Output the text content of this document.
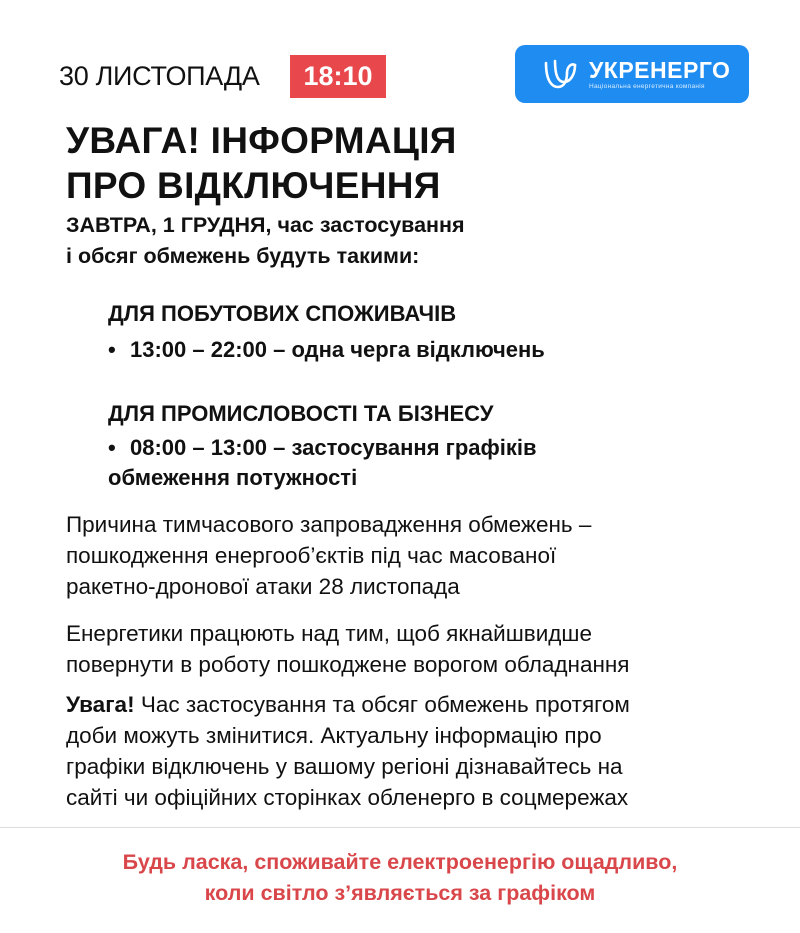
30 ЛИСТОПАДА	18:10	УКРЕНЕРГО
Національна енергетична компанія
УВАГА! ІНФОРМАЦІЯ
ПРО ВІДКЛЮЧЕННЯ
ЗАВТРА, 1 ГРУДНЯ, час застосування
і обсяг обмежень будуть такими:
ДЛЯ ПОБУТОВИХ СПОЖИВАЧІВ
• 13:00 – 22:00 – одна черга відключень
ДЛЯ ПРОМИСЛОВОСТІ ТА БІЗНЕСУ
• 08:00 – 13:00 – застосування графіків
обмеження потужності
Причина тимчасового запровадження обмежень –
пошкодження енергооб’єктів під час масованої
ракетно-дронової атаки 28 листопада
Енергетики працюють над тим, щоб якнайшвидше
повернути в роботу пошкоджене ворогом обладнання
Увага! Час застосування та обсяг обмежень протягом
доби можуть змінитися. Актуальну інформацію про
графіки відключень у вашому регіоні дізнавайтесь на
сайті чи офіційних сторінках обленерго в соцмережах
Будь ласка, споживайте електроенергію ощадливо,
коли світло з’являється за графіком
